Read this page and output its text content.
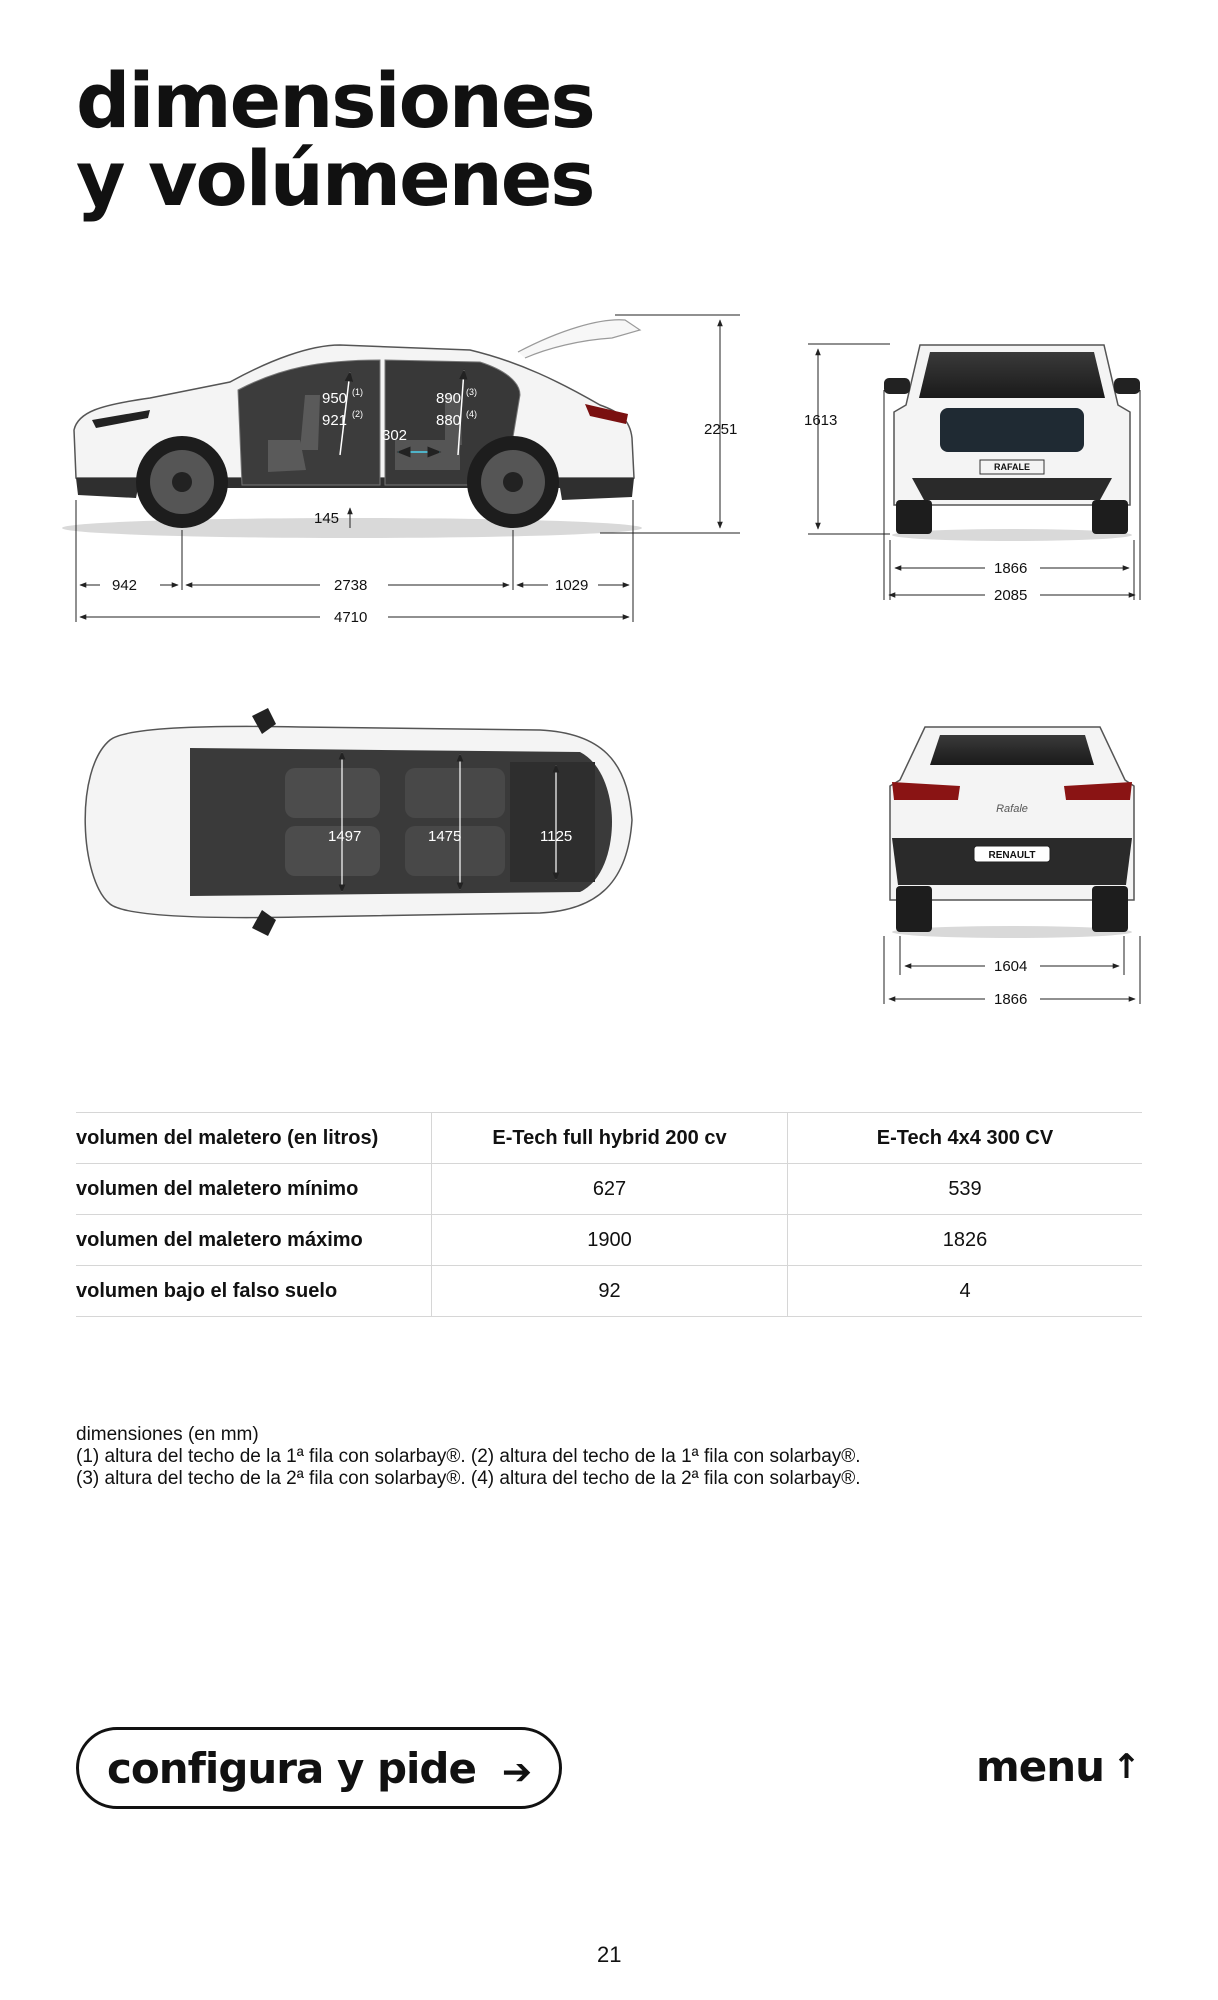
dimensiones
y volúmenes
950 (1)
921 (2)
890 (3)
880 (4)
302	2251
145
942	2738	1029
4710
RAFALE
1613
1866
2085
1497	1475	1125
Rafale
RENAULT
1604
1866
volumen del maletero (en litros)	E-Tech full hybrid 200 cv	E-Tech 4x4 300 CV
volumen del maletero mínimo	627	539
volumen del maletero máximo	1900	1826
volumen bajo el falso suelo	92	4
dimensiones (en mm)
(1) altura del techo de la 1ª fila con solarbay®. (2) altura del techo de la 1ª fila con solarbay®.
(3) altura del techo de la 2ª fila con solarbay®. (4) altura del techo de la 2ª fila con solarbay®.
configura y pide ➔	menu ↑
21
